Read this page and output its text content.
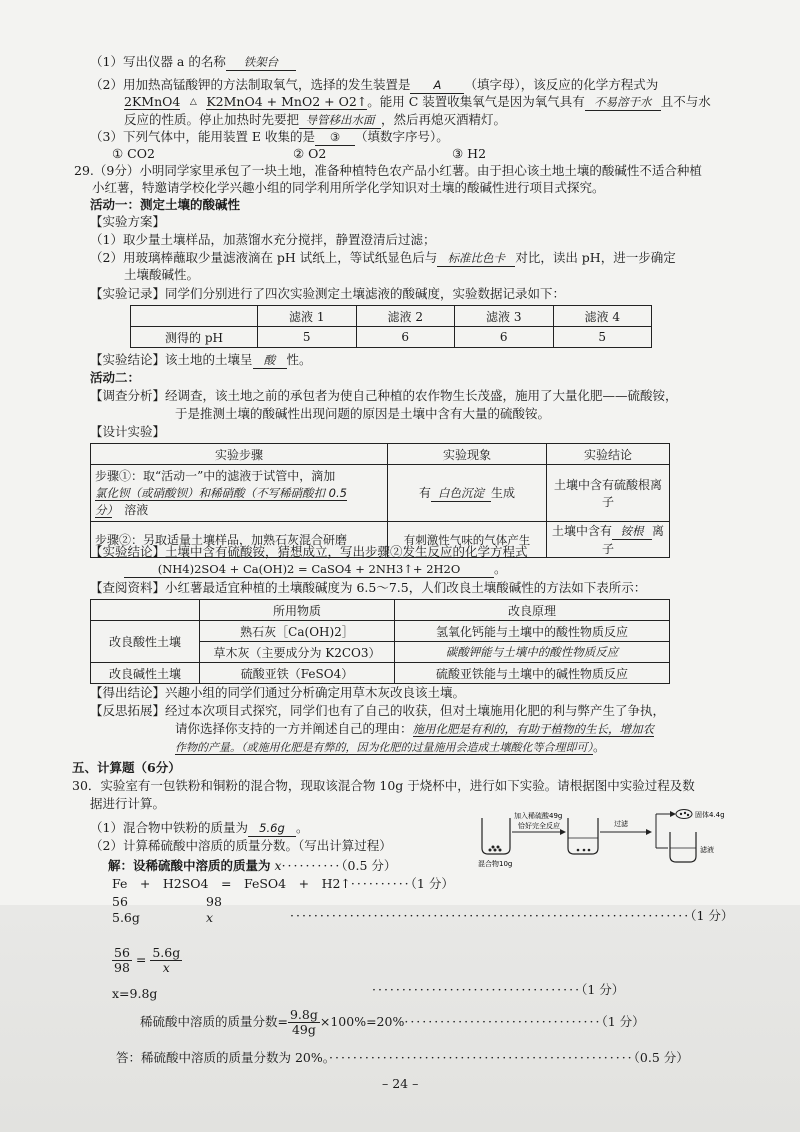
（1）写出仪器 a 的名称 铁架台
（2）用加热高锰酸钾的方法制取氧气，选择的发生装置是 A （填字母），该反应的化学方程式为
2KMnO4 △ K2MnO4 + MnO2 + O2↑。能用 C 装置收集氧气是因为氧气具有 不易溶于水 且不与水
反应的性质。停止加热时先要把 导管移出水面 ，然后再熄灭酒精灯。
（3）下列气体中，能用装置 E 收集的是 ③ （填数字序号）。
① CO2	② O2	③ H2
29.（9分）小明同学家里承包了一块土地，准备种植特色农产品小红薯。由于担心该土地土壤的酸碱性不适合种植
小红薯，特邀请学校化学兴趣小组的同学利用所学化学知识对土壤的酸碱性进行项目式探究。
活动一：测定土壤的酸碱性
【实验方案】
（1）取少量土壤样品，加蒸馏水充分搅拌，静置澄清后过滤；
（2）用玻璃棒蘸取少量滤液滴在 pH 试纸上，等试纸显色后与 标准比色卡 对比，读出 pH，进一步确定
土壤酸碱性。
【实验记录】同学们分别进行了四次实验测定土壤滤液的酸碱度，实验数据记录如下：
	滤液 1	滤液 2	滤液 3	滤液 4
测得的 pH	5	6	6	5
【实验结论】该土地的土壤呈 酸 性。
活动二：
【调查分析】经调查，该土地之前的承包者为使自己种植的农作物生长茂盛，施用了大量化肥——硫酸铵，
于是推测土壤的酸碱性出现问题的原因是土壤中含有大量的硫酸铵。
【设计实验】
实验步骤	实验现象	实验结论
步骤①：取“活动一”中的滤液于试管中，滴加
氯化钡（或硝酸钡）和稀硝酸（不写稀硝酸扣 0.5
分）　 溶液	有 白色沉淀 生成	土壤中含有硫酸根离子
步骤②：另取适量土壤样品，加熟石灰混合研磨	有刺激性气味的气体产生	土壤中含有 铵根 离子
【实验结论】土壤中含有硫酸铵，猜想成立，写出步骤②发生反应的化学方程式
(NH4)2SO4 + Ca(OH)2 = CaSO4 + 2NH3↑+ 2H2O	。
【查阅资料】小红薯最适宜种植的土壤酸碱度为 6.5～7.5，人们改良土壤酸碱性的方法如下表所示：
	所用物质	改良原理
改良酸性土壤	熟石灰［Ca(OH)2］	氢氧化钙能与土壤中的酸性物质反应
	草木灰（主要成分为 K2CO3）	碳酸钾能与土壤中的酸性物质反应
改良碱性土壤	硫酸亚铁（FeSO4）	硫酸亚铁能与土壤中的碱性物质反应
【得出结论】兴趣小组的同学们通过分析确定用草木灰改良该土壤。
【反思拓展】经过本次项目式探究，同学们也有了自己的收获，但对土壤施用化肥的利与弊产生了争执，
请你选择你支持的一方并阐述自己的理由：施用化肥是有利的，有助于植物的生长，增加农
作物的产量。（或施用化肥是有弊的，因为化肥的过量施用会造成土壤酸化等合理即可）。
五、计算题（6分）
30．实验室有一包铁粉和铜粉的混合物，现取该混合物 10g 于烧杯中，进行如下实验。请根据图中实验过程及数
据进行计算。
（1）混合物中铁粉的质量为 5.6g 。
（2）计算稀硫酸中溶质的质量分数。（写出计算过程）
混合物10g
加入稀硫酸49g
恰好完全反应	过滤
固体4.4g
滤液
解：设稀硫酸中溶质的质量为 x··········（0.5 分）
Fe　+　H2SO4　=　FeSO4　+　H2↑··········（1 分）
56	98
5.6g	x	···································································（1 分）
$\frac{56}{98} = \frac{5.6g}{x}$
x=9.8g	···································（1 分）
稀硫酸中溶质的质量分数= $\frac{9.8g}{49g} \times 100\%=20\%\cdot\cdot\cdot\cdot\cdot\cdot\cdot\cdot\cdot\cdot\cdot\cdot\cdot\cdot\cdot\cdot\cdot\cdot\cdot\cdot\cdot\cdot\cdot\cdot\cdot\cdot\cdot\cdot\cdot\cdot\cdot\cdot\cdot(1$ 分）
答：稀硫酸中溶质的质量分数为 20%。···················································（0.5 分）
– 24 –
